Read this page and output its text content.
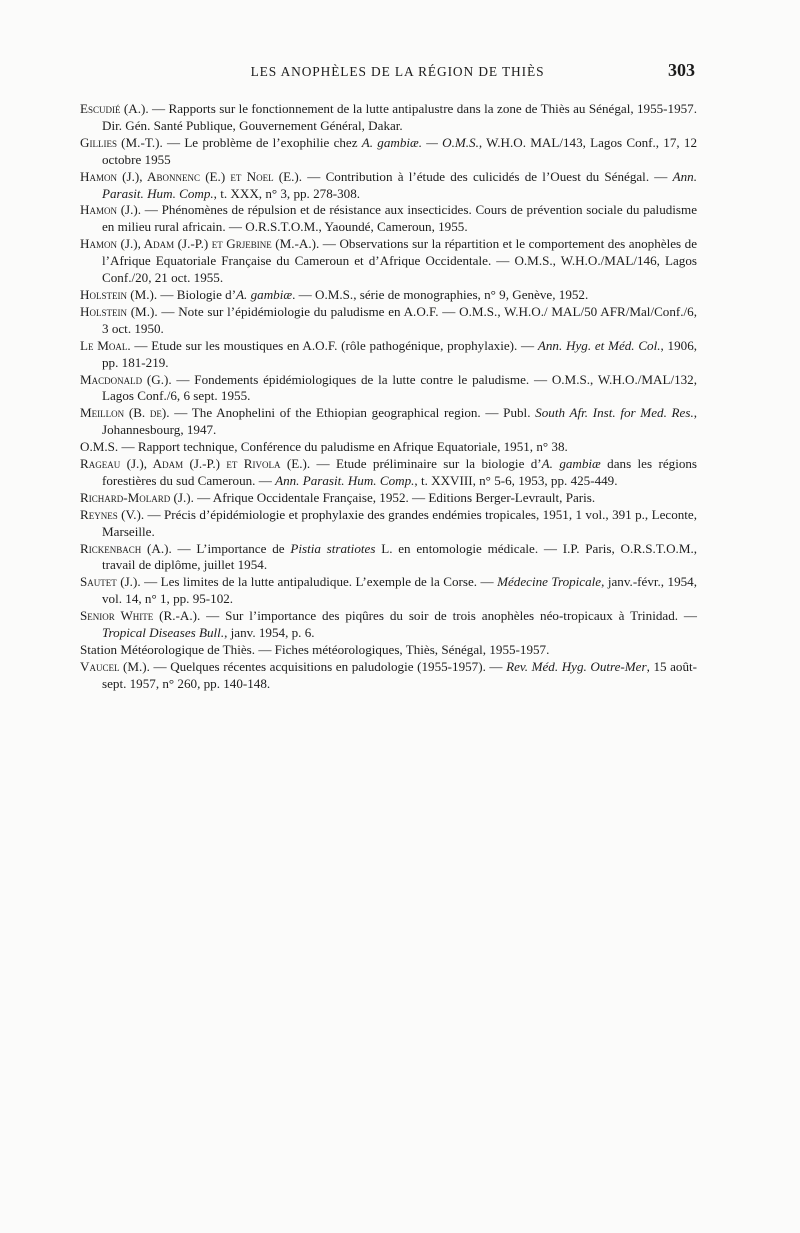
LES ANOPHÈLES DE LA RÉGION DE THIÈS	303

Escudié (A.). — Rapports sur le fonctionnement de la lutte antipalustre dans la zone de Thiès au Sénégal, 1955-1957. Dir. Gén. Santé Publique, Gouvernement Général, Dakar.

Gillies (M.-T.). — Le problème de l’exophilie chez A. gambiæ. — O.M.S., W.H.O. MAL/143, Lagos Conf., 17, 12 octobre 1955

Hamon (J.), Abonnenc (E.) et Noel (E.). — Contribution à l’étude des culicidés de l’Ouest du Sénégal. — Ann. Parasit. Hum. Comp., t. XXX, n° 3, pp. 278-308.

Hamon (J.). — Phénomènes de répulsion et de résistance aux insecticides. Cours de prévention sociale du paludisme en milieu rural africain. — O.R.S.T.O.M., Yaoundé, Cameroun, 1955.

Hamon (J.), Adam (J.-P.) et Grjebine (M.-A.). — Observations sur la répartition et le comportement des anophèles de l’Afrique Equatoriale Française du Cameroun et d’Afrique Occidentale. — O.M.S., W.H.O./MAL/146, Lagos Conf./20, 21 oct. 1955.

Holstein (M.). — Biologie d’A. gambiæ. — O.M.S., série de monographies, n° 9, Genève, 1952.

Holstein (M.). — Note sur l’épidémiologie du paludisme en A.O.F. — O.M.S., W.H.O./ MAL/50 AFR/Mal/Conf./6, 3 oct. 1950.

Le Moal. — Etude sur les moustiques en A.O.F. (rôle pathogénique, prophylaxie). — Ann. Hyg. et Méd. Col., 1906, pp. 181-219.

Macdonald (G.). — Fondements épidémiologiques de la lutte contre le paludisme. — O.M.S., W.H.O./MAL/132, Lagos Conf./6, 6 sept. 1955.

Meillon (B. de). — The Anophelini of the Ethiopian geographical region. — Publ. South Afr. Inst. for Med. Res., Johannesbourg, 1947.

O.M.S. — Rapport technique, Conférence du paludisme en Afrique Equatoriale, 1951, n° 38.

Rageau (J.), Adam (J.-P.) et Rivola (E.). — Etude préliminaire sur la biologie d’A. gambiæ dans les régions forestières du sud Cameroun. — Ann. Parasit. Hum. Comp., t. XXVIII, n° 5-6, 1953, pp. 425-449.

Richard-Molard (J.). — Afrique Occidentale Française, 1952. — Editions Berger-Levrault, Paris.

Reynes (V.). — Précis d’épidémiologie et prophylaxie des grandes endémies tropicales, 1951, 1 vol., 391 p., Leconte, Marseille.

Rickenbach (A.). — L’importance de Pistia stratiotes L. en entomologie médicale. — I.P. Paris, O.R.S.T.O.M., travail de diplôme, juillet 1954.

Sautet (J.). — Les limites de la lutte antipaludique. L’exemple de la Corse. — Médecine Tropicale, janv.-févr., 1954, vol. 14, n° 1, pp. 95-102.

Senior White (R.-A.). — Sur l’importance des piqûres du soir de trois anophèles néo-tropicaux à Trinidad. — Tropical Diseases Bull., janv. 1954, p. 6.

Station Météorologique de Thiès. — Fiches météorologiques, Thiès, Sénégal, 1955-1957.

Vaucel (M.). — Quelques récentes acquisitions en paludologie (1955-1957). — Rev. Méd. Hyg. Outre-Mer, 15 août-sept. 1957, n° 260, pp. 140-148.
